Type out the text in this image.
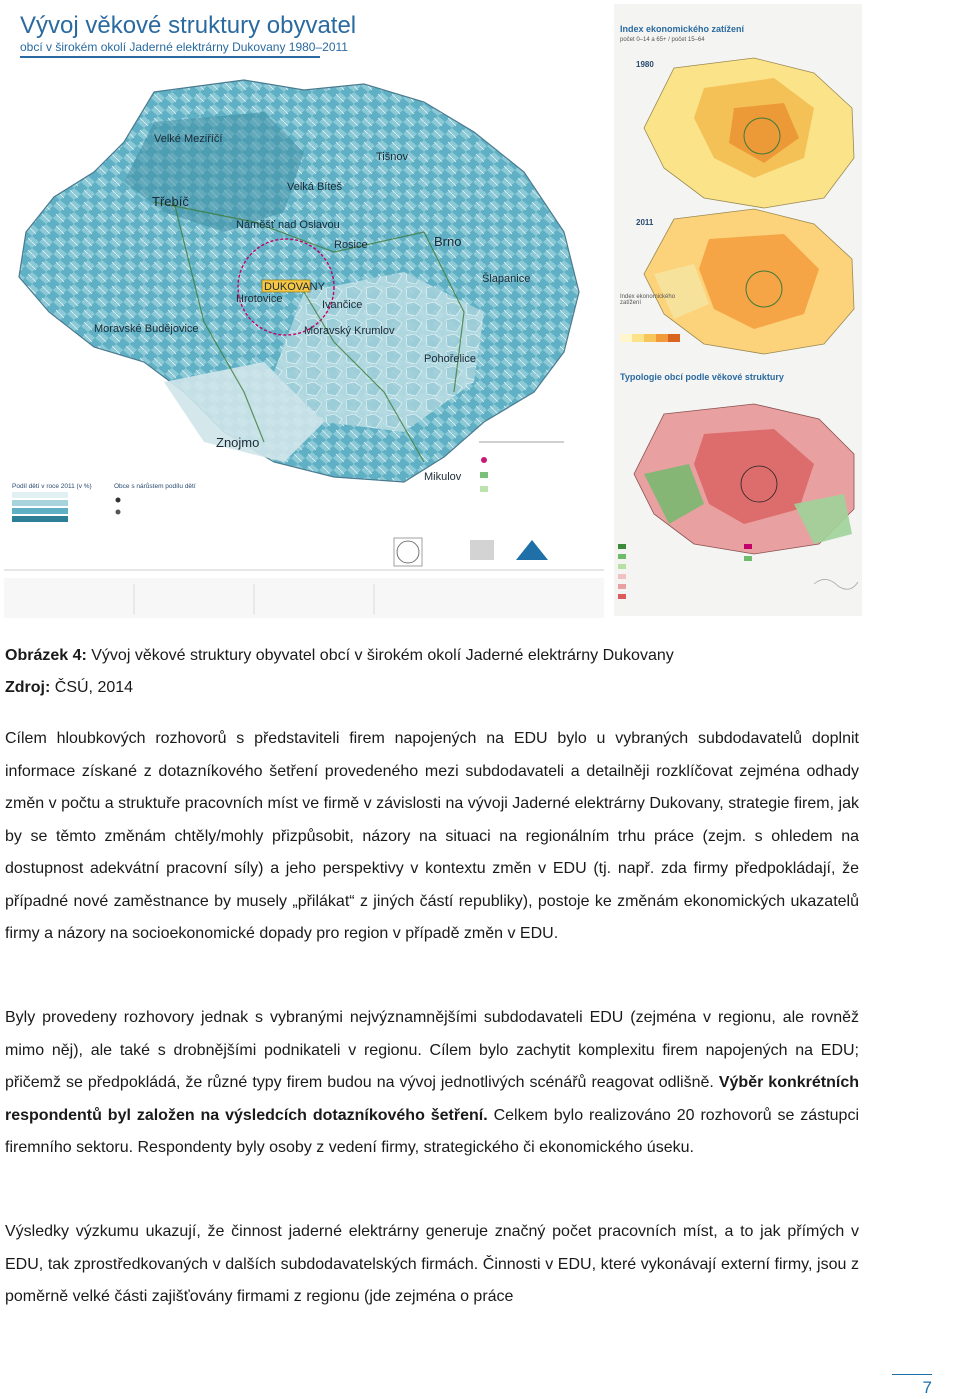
Vývoj věkové struktury obyvatel
obcí v širokém okolí Jaderné elektrárny Dukovany 1980–2011
Velké Meziříčí
Třebíč
Náměšť nad Oslavou
Velká Bíteš
Tišnov
Rosice	Brno
Šlapanice
DUKOVANY
Ivančice
Moravský Krumlov
Hrotovice
Moravské Budějovice
Pohořelice
Znojmo
Mikulov
Podíl dětí v roce 2011 (v %)	Obce s nárůstem podílu dětí
Index ekonomického zatížení
počet 0–14 a 65+ / počet 15–64
1980
2011
Index ekonomického zatížení
Typologie obcí podle věkové struktury
Obrázek 4: Vývoj věkové struktury obyvatel obcí v širokém okolí Jaderné elektrárny Dukovany
Zdroj: ČSÚ, 2014

Cílem hloubkových rozhovorů s představiteli firem napojených na EDU bylo u vybraných subdodavatelů doplnit informace získané z dotazníkového šetření provedeného mezi subdodavateli a detailněji rozklíčovat zejména odhady změn v počtu a struktuře pracovních míst ve firmě v závislosti na vývoji Jaderné elektrárny Dukovany, strategie firem, jak by se těmto změnám chtěly/mohly přizpůsobit, názory na situaci na regionálním trhu práce (zejm. s ohledem na dostupnost adekvátní pracovní síly) a jeho perspektivy v kontextu změn v EDU (tj. např. zda firmy předpokládají, že případné nové zaměstnance by musely „přilákat“ z jiných částí republiky), postoje ke změnám ekonomických ukazatelů firmy a názory na socioekonomické dopady pro region v případě změn v EDU.

Byly provedeny rozhovory jednak s vybranými nejvýznamnějšími subdodavateli EDU (zejména v regionu, ale rovněž mimo něj), ale také s drobnějšími podnikateli v regionu. Cílem bylo zachytit komplexitu firem napojených na EDU; přičemž se předpokládá, že různé typy firem budou na vývoj jednotlivých scénářů reagovat odlišně. Výběr konkrétních respondentů byl založen na výsledcích dotazníkového šetření. Celkem bylo realizováno 20 rozhovorů se zástupci firemního sektoru. Respondenty byly osoby z vedení firmy, strategického či ekonomického úseku.

Výsledky výzkumu ukazují, že činnost jaderné elektrárny generuje značný počet pracovních míst, a to jak přímých v EDU, tak zprostředkovaných v dalších subdodavatelských firmách. Činnosti v EDU, které vykonávají externí firmy, jsou z poměrně velké části zajišťovány firmami z regionu (jde zejména o práce

7
